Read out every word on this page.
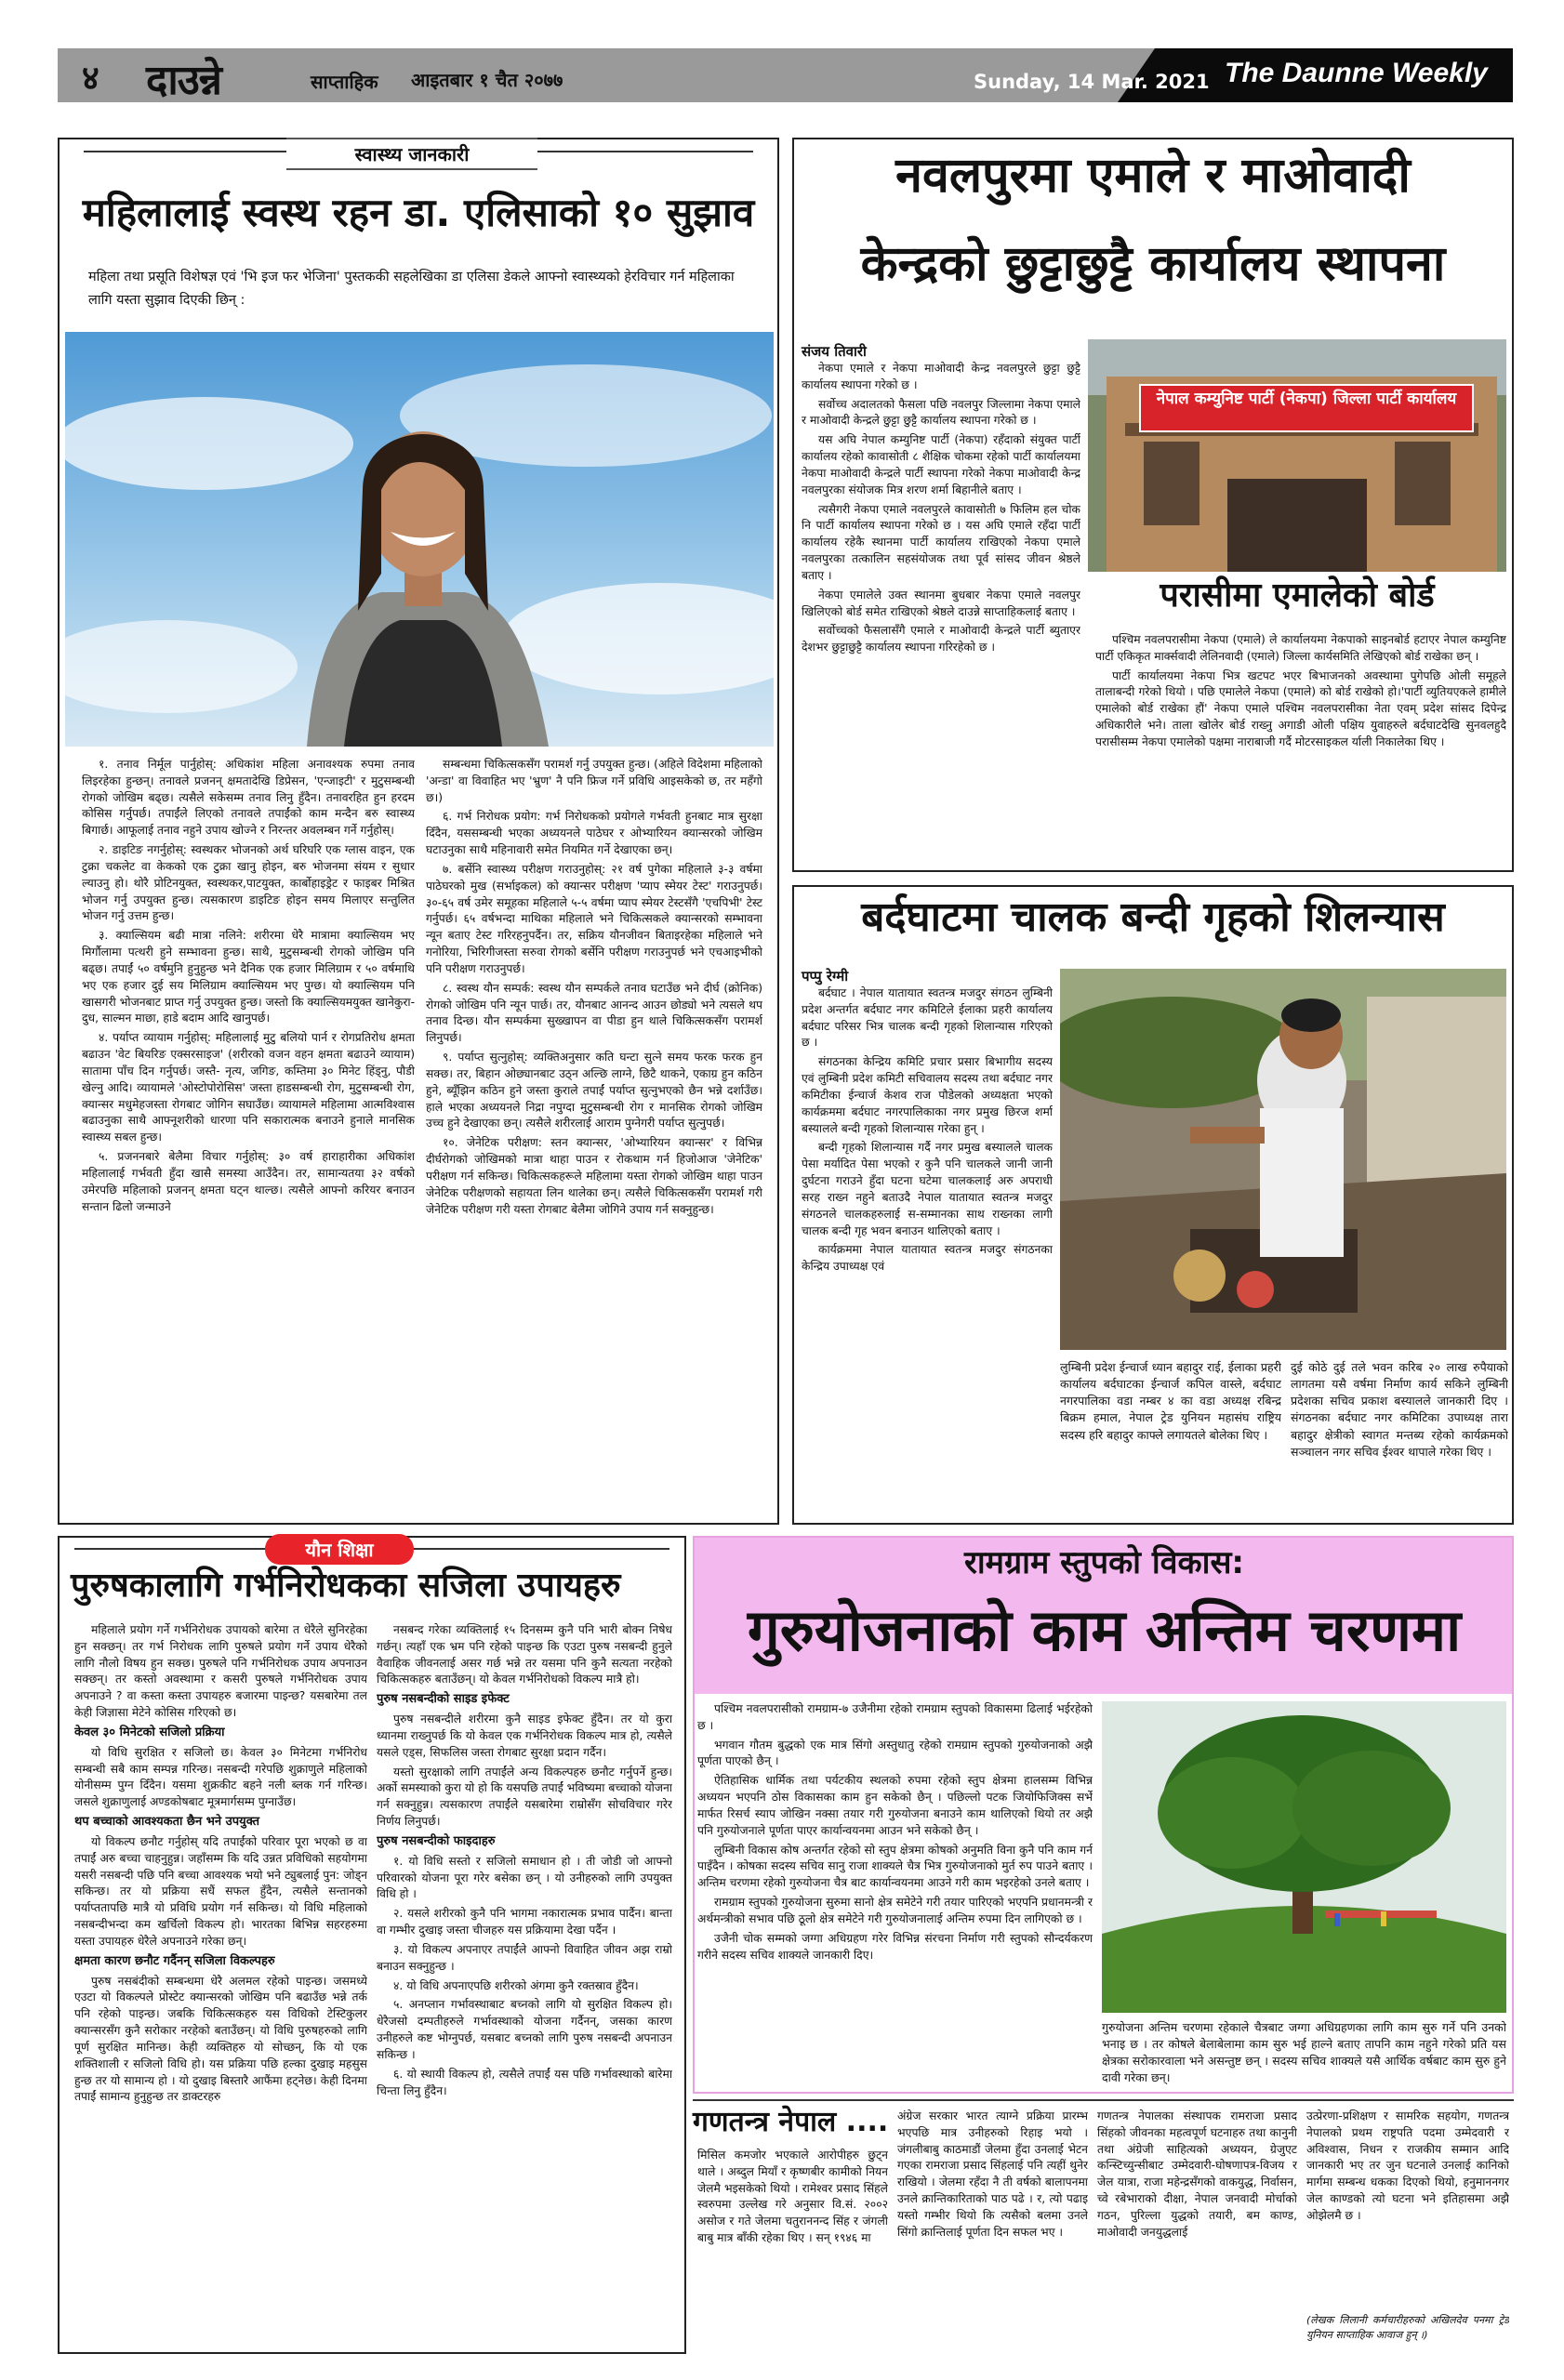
४ दाउन्ने	साप्ताहिक आइतबार १ चैत २०७७	Sunday, 14 Mar. 2021 The Daunne Weekly
स्वास्थ्य जानकारी
महिलालाई स्वस्थ रहन डा. एलिसाको १० सुझाव
महिला तथा प्रसूति विशेषज्ञ एवं 'भि इज फर भेजिना' पुस्तककी सहलेखिका डा एलिसा डेकले आफ्नो स्वास्थ्यको हेरविचार गर्न महिलाका लागि यस्ता सुझाव दिएकी छिन् :

१. तनाव निर्मूल पार्नुहोस्: अधिकांश महिला अनावश्यक रुपमा तनाव लिइरहेका हुन्छन्। तनावले प्रजनन् क्षमतादेखि डिप्रेसन, 'एन्जाइटी' र मुटुसम्बन्धी रोगको जोखिम बढ्छ। त्यसैले सकेसम्म तनाव लिनु हुँदैन। तनावरहित हुन हरदम कोसिस गर्नुपर्छ। तपाईंले लिएको तनावले तपाईंको काम मन्दैन बरु स्वास्थ्य बिगार्छ। आफूलाई तनाव नहुने उपाय खोज्ने र निरन्तर अवलम्बन गर्ने गर्नुहोस्।

२. डाइटिङ नगर्नुहोस्: स्वस्थकर भोजनको अर्थ घरिघरि एक ग्लास वाइन, एक टुक्रा चकलेट वा केकको एक टुक्रा खानु होइन, बरु भोजनमा संयम र सुधार ल्याउनु हो। थोरै प्रोटिनयुक्त, स्वस्थकर,पाटयुक्त, कार्बोहाइड्रेट र फाइबर मिश्रित भोजन गर्नु उपयुक्त हुन्छ। त्यसकारण डाइटिङ होइन समय मिलाएर सन्तुलित भोजन गर्नु उत्तम हुन्छ।

३. क्याल्सियम बढी मात्रा नलिने: शरीरमा धेरै मात्रामा क्याल्सियम भए मिर्गौलामा पत्थरी हुने सम्भावना हुन्छ। साथै, मुटुसम्बन्धी रोगको जोखिम पनि बढ्छ। तपाईं ५० वर्षमुनि हुनुहुन्छ भने दैनिक एक हजार मिलिग्राम र ५० वर्षमाथि भए एक हजार दुई सय मिलिग्राम क्याल्सियम भए पुग्छ। यो क्याल्सियम पनि खासगरी भोजनबाट प्राप्त गर्नु उपयुक्त हुन्छ। जस्तो कि क्याल्सियमयुक्त खानेकुरा- दुध, साल्मन माछा, हाडे बदाम आदि खानुपर्छ।

४. पर्याप्त व्यायाम गर्नुहोस्: महिलालाई मुटु बलियो पार्न र रोगप्रतिरोध क्षमता बढाउन 'वेट बियरिङ एक्सरसाइज' (शरीरको वजन वहन क्षमता बढाउने व्यायाम) सातामा पाँच दिन गर्नुपर्छ। जस्तै- नृत्य, जगिङ, कम्तिमा ३० मिनेट हिंड्नु, पौडी खेल्नु आदि। व्यायामले 'ओस्टोपोरोसिस' जस्ता हाडसम्बन्धी रोग, मुटुसम्बन्धी रोग, क्यान्सर मधुमेहजस्ता रोगबाट जोगिन सघाउँछ। व्यायामले महिलामा आत्मविश्वास बढाउनुका साथै आफ्नूशरीको धारणा पनि सकारात्मक बनाउने हुनाले मानसिक स्वास्थ्य सबल हुन्छ।

५. प्रजननबारे बेलैमा विचार गर्नुहोस्: ३० वर्ष हाराहारीका अधिकांश महिलालाई गर्भवती हुँदा खासै समस्या आउँदैन। तर, सामान्यतया ३२ वर्षको उमेरपछि महिलाको प्रजनन् क्षमता घट्न थाल्छ। त्यसैले आफ्नो करियर बनाउन सन्तान ढिलो जन्माउने

सम्बन्धमा चिकित्सकसँग परामर्श गर्नु उपयुक्त हुन्छ। (अहिले विदेशमा महिलाको 'अन्डा' वा विवाहित भए 'भ्रुण' नै पनि फ्रिज गर्ने प्रविधि आइसकेको छ, तर महँगो छ।)

६. गर्भ निरोधक प्रयोग: गर्भ निरोधकको प्रयोगले गर्भवती हुनबाट मात्र सुरक्षा दिँदैन, यससम्बन्धी भएका अध्ययनले पाठेघर र ओभ्यारियन क्यान्सरको जोखिम घटाउनुका साथै महिनावारी समेत नियमित गर्ने देखाएका छन्।

७. बर्सेनि स्वास्थ्य परीक्षण गराउनुहोस्: २१ वर्ष पुगेका महिलाले ३-३ वर्षमा पाठेघरको मुख (सर्भाइकल) को क्यान्सर परीक्षण 'प्याप स्मेयर टेस्ट' गराउनुपर्छ। ३०-६५ वर्ष उमेर समूहका महिलाले ५-५ वर्षमा प्याप स्मेयर टेस्टसँगै 'एचपिभी' टेस्ट गर्नुपर्छ। ६५ वर्षभन्दा माथिका महिलाले भने चिकित्सकले क्यान्सरको सम्भावना न्यून बताए टेस्ट गरिरहनुपर्दैन। तर, सक्रिय यौनजीवन बिताइरहेका महिलाले भने गनोरिया, भिरिगीजस्ता सरुवा रोगको बर्सेनि परीक्षण गराउनुपर्छ भने एचआइभीको पनि परीक्षण गराउनुपर्छ।

८. स्वस्थ यौन सम्पर्क: स्वस्थ यौन सम्पर्कले तनाव घटाउँछ भने दीर्घ (क्रोनिक) रोगको जोखिम पनि न्यून पार्छ। तर, यौनबाट आनन्द आउन छोड्यो भने त्यसले थप तनाव दिन्छ। यौन सम्पर्कमा सुख्खापन वा पीडा हुन थाले चिकित्सकसँग परामर्श लिनुपर्छ।

९. पर्याप्त सुत्नुहोस्: व्यक्तिअनुसार कति घन्टा सुत्ने समय फरक फरक हुन सक्छ। तर, बिहान ओछ्यानबाट उठ्न अल्छि लाग्ने, छिटै थाकने, एकाग्र हुन कठिन हुने, ब्यूँझिन कठिन हुने जस्ता कुराले तपाईं पर्याप्त सुत्नुभएको छैन भन्ने दर्शाउँछ। हाले भएका अध्ययनले निद्रा नपुग्दा मुटुसम्बन्धी रोग र मानसिक रोगको जोखिम उच्च हुने देखाएका छन्। त्यसैले शरीरलाई आराम पुग्नेगरी पर्याप्त सुत्नुपर्छ।

१०. जेनेटिक परीक्षण: स्तन क्यान्सर, 'ओभ्यारियन क्यान्सर' र विभिन्न दीर्घरोगको जोखिमको मात्रा थाहा पाउन र रोकथाम गर्न हिजोआज 'जेनेटिक' परीक्षण गर्न सकिन्छ। चिकित्सकहरूले महिलामा यस्ता रोगको जोखिम थाहा पाउन जेनेटिक परीक्षणको सहायता लिन थालेका छन्। त्यसैले चिकित्सकसँग परामर्श गरी जेनेटिक परीक्षण गरी यस्ता रोगबाट बेलैमा जोगिने उपाय गर्न सक्नुहुन्छ।

नवलपुरमा एमाले र माओवादी
केन्द्रको छुट्टाछुट्टै कार्यालय स्थापना
संजय तिवारी

नेकपा एमाले र नेकपा माओवादी केन्द्र नवलपुरले छुट्टा छुट्टै कार्यालय स्थापना गरेको छ ।

सर्वोच्च अदालतको फैसला पछि नवलपुर जिल्लामा नेकपा एमाले र माओवादी केन्द्रले छुट्टा छुट्टै कार्यालय स्थापना गरेको छ ।

यस अघि नेपाल कम्युनिष्ट पार्टी (नेकपा) रहँदाको संयुक्त पार्टी कार्यालय रहेको कावासोती ८ शैक्षिक चोकमा रहेको पार्टी कार्यालयमा नेकपा माओवादी केन्द्रले पार्टी स्थापना गरेको नेकपा माओवादी केन्द्र नवलपुरका संयोजक मित्र शरण शर्मा बिहानीले बताए ।

त्यसैगरी नेकपा एमाले नवलपुरले कावासोती ७ फिलिम हल चोक नि पार्टी कार्यालय स्थापना गरेको छ । यस अघि एमाले रहँदा पार्टी कार्यालय रहेकै स्थानमा पार्टी कार्यालय राखिएको नेकपा एमाले नवलपुरका तत्कालिन सहसंयोजक तथा पूर्व सांसद जीवन श्रेष्ठले बताए ।

नेकपा एमालेले उक्त स्थानमा बुधबार नेकपा एमाले नवलपुर खिलिएको बोर्ड समेत राखिएको श्रेष्ठले दाउन्ने साप्ताहिकलाई बताए ।

सर्वोच्चको फैसलासँगै एमाले र माओवादी केन्द्रले पार्टी ब्युताएर देशभर छुट्टाछुट्टै कार्यालय स्थापना गरिरहेको छ ।

नेपाल कम्युनिष्ट पार्टी (नेकपा) जिल्ला पार्टी कार्यालय
परासीमा एमालेको बोर्ड

पश्चिम नवलपरासीमा नेकपा (एमाले) ले कार्यालयमा नेकपाको साइनबोर्ड हटाएर नेपाल कम्युनिष्ट पार्टी एकिकृत मार्क्सवादी लेलिनवादी (एमाले) जिल्ला कार्यसमिति लेखिएको बोर्ड राखेका छन् ।

पार्टी कार्यालयमा नेकपा भित्र खटपट भएर बिभाजनको अवस्थामा पुगेपछि ओली समूहले तालाबन्दी गरेको थियो । पछि एमालेले नेकपा (एमाले) को बोर्ड राखेको हो।'पार्टी व्युतियएकले हामीले एमालेको बोर्ड राखेका हौं' नेकपा एमाले पश्चिम नवलपरासीका नेता एवम् प्रदेश सांसद दिपेन्द्र अधिकारीले भने। ताला खोलेर बोर्ड राख्नु अगाडी ओली पक्षिय युवाहरुले बर्दघाटदेखि सुनवलहुदै परासीसम्म नेकपा एमालेको पक्षमा नाराबाजी गर्दै मोटरसाइकल र्याली निकालेका थिए ।

बर्दघाटमा चालक बन्दी गृहको शिलन्यास
पप्पु रेग्मी

बर्दघाट । नेपाल यातायात स्वतन्त्र मजदुर संगठन लुम्बिनी प्रदेश अन्तर्गत बर्दघाट नगर कमिटिले ईलाका प्रहरी कार्यालय बर्दघाट परिसर भित्र चालक बन्दी गृहको शिलान्यास गरिएको छ ।

संगठनका केन्द्रिय कमिटि प्रचार प्रसार बिभागीय सदस्य एवं लुम्बिनी प्रदेश कमिटी सचिवालय सदस्य तथा बर्दघाट नगर कमिटीका ईन्चार्ज केशव राज पौडेलको अध्यक्षता भएको कार्यक्रममा बर्दघाट नगरपालिकाका नगर प्रमुख छिरज शर्मा बस्यालले बन्दी गृहको शिलान्यास गरेका हुन् ।

बन्दी गृहको शिलान्यास गर्दै नगर प्रमुख बस्यालले चालक पेसा मर्यादित पेसा भएको र कुनै पनि चालकले जानी जानी दुर्घटना गराउने हुँदा घटना घटेमा चालकलाई अरु अपराधी सरह राख्न नहुने बताउदै नेपाल यातायात स्वतन्त्र मजदुर संगठनले चालकहरुलाई स-सम्मानका साथ राख्नका लागी चालक बन्दी गृह भवन बनाउन थालिएको बताए ।

कार्यक्रममा नेपाल यातायात स्वतन्त्र मजदुर संगठनका केन्द्रिय उपाध्यक्ष एवं

लुम्बिनी प्रदेश ईन्चार्ज ध्यान बहादुर राई, ईलाका प्रहरी कार्यालय बर्दघाटका ईन्चार्ज कपिल वास्ले, बर्दघाट नगरपालिका वडा नम्बर ४ का वडा अध्यक्ष रबिन्द्र बिक्रम हमाल, नेपाल ट्रेड युनियन महासंघ राष्ट्रिय सदस्य हरि बहादुर काफ्ले लगायतले बोलेका थिए ।
दुई कोठे दुई तले भवन करिब २० लाख रुपैयाको लागतमा यसै वर्षमा निर्माण कार्य सकिने लुम्बिनी प्रदेशका सचिव प्रकाश बस्यालले जानकारी दिए । संगठनका बर्दघाट नगर कमिटिका उपाध्यक्ष तारा बहादुर क्षेत्रीको स्वागत मन्तब्य रहेको कार्यक्रमको सञ्चालन नगर सचिव ईश्वर थापाले गरेका थिए ।
यौन शिक्षा
पुरुषकालागि गर्भनिरोधकका सजिला उपायहरु

महिलाले प्रयोग गर्ने गर्भनिरोधक उपायको बारेमा त धेरैले सुनिरहेका हुन सक्छन्। तर गर्भ निरोधक लागि पुरुषले प्रयोग गर्ने उपाय धेरैको लागि नौलो विषय हुन सक्छ। पुरुषले पनि गर्भनिरोधक उपाय अपनाउन सक्छन्। तर कस्तो अवस्थामा र कसरी पुरुषले गर्भनिरोधक उपाय अपनाउने ? वा कस्ता कस्ता उपायहरु बजारमा पाइन्छ? यसबारेमा तल केही जिज्ञासा मेटेने कोसिस गरिएको छ।

केवल ३० मिनेटको सजिलो प्रक्रिया

यो विधि सुरक्षित र सजिलो छ। केवल ३० मिनेटमा गर्भनिरोध सम्बन्धी सबै काम सम्पन्न गरिन्छ। नसबन्दी गरेपछि शुक्राणुले महिलाको योनीसम्म पुग्न दिँदैन। यसमा शुक्रकीट बहने नली ब्लक गर्न गरिन्छ। जसले शुक्राणुलाई अण्डकोषबाट मूत्रमार्गसम्म पुग्नाउँछ।

थप बच्चाको आवश्यकता छैन भने उपयुक्त

यो विकल्प छनौट गर्नुहोस् यदि तपाईंको परिवार पूरा भएको छ वा तपाईं अरु बच्चा चाहनुहुन्न। जहाँसम्म कि यदि उन्नत प्रविधिको सहयोगमा यसरी नसबन्दी पछि पनि बच्चा आवश्यक भयो भने ट्युबलाई पुन: जोड्न सकिन्छ। तर यो प्रक्रिया सधैं सफल हुँदैन, त्यसैले सन्तानको पर्याप्ततापछि मात्रै यो प्रविधि प्रयोग गर्न सकिन्छ। यो विधि महिलाको नसबन्दीभन्दा कम खर्चिलो विकल्प हो। भारतका बिभिन्न सहरहरुमा यस्ता उपायहरु धेरैले अपनाउने गरेका छन्।

क्षमता कारण छनौट गर्दैनन् सजिला विकल्पहरु

पुरुष नसबंदीको सम्बन्धमा धेरै अलमल रहेको पाइन्छ। जसमध्ये एउटा यो विकल्पले प्रोस्टेट क्यान्सरको जोखिम पनि बढाउँछ भन्ने तर्क पनि रहेको पाइन्छ। जबकि चिकित्सकहरु यस विधिको टेस्टिकुलर क्यान्सरसँग कुनै सरोकार नरहेको बताउँछन्। यो विधि पुरुषहरुको लागि पूर्ण सुरक्षित मानिन्छ। केही व्यक्तिहरु यो सोच्छन्, कि यो एक शक्तिशाली र सजिलो विधि हो। यस प्रक्रिया पछि हल्का दुखाइ महसुस हुन्छ तर यो सामान्य हो । यो दुखाइ बिस्तारै आफैंमा हट्नेछ। केही दिनमा तपाईं सामान्य हुनुहुन्छ तर डाक्टरहरु

नसबन्द गरेका व्यक्तिलाई १५ दिनसम्म कुनै पनि भारी बोक्न निषेध गर्छन्। त्यहाँ एक भ्रम पनि रहेको पाइन्छ कि एउटा पुरुष नसबन्दी हुनुले वैवाहिक जीवनलाई असर गर्छ भन्ने तर यसमा पनि कुनै सत्यता नरहेको चिकित्सकहरु बताउँछन्। यो केवल गर्भनिरोधको विकल्प मात्रै हो।

पुरुष नसबन्दीको साइड इफेक्ट

पुरुष नसबन्दीले शरीरमा कुनै साइड इफेक्ट हुँदैन। तर यो कुरा ध्यानमा राख्नुपर्छ कि यो केवल एक गर्भनिरोधक विकल्प मात्र हो, त्यसैले यसले एड्स, सिफलिस जस्ता रोगबाट सुरक्षा प्रदान गर्दैन।

यस्तो सुरक्षाको लागि तपाईंले अन्य विकल्पहरु छनौट गर्नुपर्ने हुन्छ। अर्को समस्याको कुरा यो हो कि यसपछि तपाईं भविष्यमा बच्चाको योजना गर्न सक्नुहुन्न। त्यसकारण तपाईंले यसबारेमा राम्रोसँग सोचविचार गरेर निर्णय लिनुपर्छ।

पुरुष नसबन्दीको फाइदाहरु

१. यो विधि सस्तो र सजिलो समाधान हो । ती जोडी जो आफ्नो परिवारको योजना पूरा गरेर बसेका छन् । यो उनीहरुको लागि उपयुक्त विधि हो ।

२. यसले शरीरको कुनै पनि भागमा नकारात्मक प्रभाव पार्दैन। बान्ता वा गम्भीर दुखाइ जस्ता चीजहरु यस प्रक्रियामा देखा पर्दैन ।

३. यो विकल्प अपनाएर तपाईंले आफ्नो विवाहित जीवन अझ राम्रो बनाउन सक्नुहुन्छ ।

४. यो विधि अपनाएपछि शरीरको अंगमा कुनै रक्तस्राव हुँदैन।

५. अनप्लान गर्भावस्थाबाट बच्नको लागि यो सुरक्षित विकल्प हो। धेरैजसो दम्पतीहरुले गर्भावस्थाको योजना गर्दैनन्, जसका कारण उनीहरुले कष्ट भोग्नुपर्छ, यसबाट बच्नको लागि पुरुष नसबन्दी अपनाउन सकिन्छ ।

६. यो स्थायी विकल्प हो, त्यसैले तपाईं यस पछि गर्भावस्थाको बारेमा चिन्ता लिनु हुँदैन।

रामग्राम स्तुपको विकास:
गुरुयोजनाको काम अन्तिम चरणमा

पश्चिम नवलपरासीको रामग्राम-७ उजैनीमा रहेको रामग्राम स्तुपको विकासमा ढिलाई भईरहेको छ ।

भगवान गौतम बुद्धको एक मात्र सिंगो अस्तुधातु रहेको रामग्राम स्तुपको गुरुयोजनाको अझै पूर्णता पाएको छैन् ।

ऐतिहासिक धार्मिक तथा पर्यटकीय स्थलको रुपमा रहेको स्तुप क्षेत्रमा हालसम्म विभिन्न अध्ययन भएपनि ठोस विकासका काम हुन सकेको छैन् । पछिल्लो पटक जियोफिजिक्स सर्भे मार्फत रिसर्च स्याप जोखिन नक्सा तयार गरी गुरुयोजना बनाउने काम थालिएको थियो तर अझै पनि गुरुयोजनाले पूर्णता पाएर कार्यान्वयनमा आउन भने सकेको छैन् ।

लुम्बिनी विकास कोष अन्तर्गत रहेको सो स्तुप क्षेत्रमा कोषको अनुमति विना कुनै पनि काम गर्न पाइँदैन । कोषका सदस्य सचिव सानु राजा शाक्यले चैत्र भित्र गुरुयोजनाको मुर्त रुप पाउने बताए । अन्तिम चरणमा रहेको गुरुयोजना चैत्र बाट कार्यान्वयनमा आउने गरी काम भइरहेको उनले बताए ।

रामग्राम स्तुपको गुरुयोजना सुरुमा सानो क्षेत्र समेटेने गरी तयार पारिएको भएपनि प्रधानमन्त्री र अर्थमन्त्रीको सभाव पछि ठूलो क्षेत्र समेटेने गरी गुरुयोजनालाई अन्तिम रुपमा दिन लागिएको छ ।

उजैनी चोक सम्मको जग्गा अधिग्रहण गरेर विभिन्न संरचना निर्माण गरी स्तुपको सौन्दर्यकरण गरीने सदस्य सचिव शाक्यले जानकारी दिए।

गुरुयोजना अन्तिम चरणमा रहेकाले चैत्रबाट जग्गा अधिग्रहणका लागि काम सुरु गर्ने पनि उनको भनाइ छ । तर कोषले बेलाबेलामा काम सुरु भई हाल्ने बताए तापनि काम नहुने गरेको प्रति यस क्षेत्रका सरोकारवाला भने असन्तुष्ट छन् । सदस्य सचिव शाक्यले यसै आर्थिक वर्षबाट काम सुरु हुने दावी गरेका छन्।
गणतन्त्र नेपाल ....
मिसिल कमजोर भएकाले आरोपीहरु छुट्न थाले । अब्दुल मियाँ र कृष्णबीर कामीको नियन जेलमै भइसकेको थियो । रामेश्वर प्रसाद सिंहले स्वरुपमा उल्लेख गरे अनुसार वि.सं. २००२ असोज र गते जेलमा चतुराननन्द सिंह र जंगली बाबु मात्र बाँकी रहेका थिए । सन् १९४६ मा
अंग्रेज सरकार भारत त्याग्ने प्रक्रिया प्रारम्भ भएपछि मात्र उनीहरुको रिहाइ भयो । जंगलीबाबु काठमाडौं जेलमा हुँदा उनलाई भेटन गएका रामराजा प्रसाद सिंहलाई पनि त्यहीं थुनेर राखियो । जेलमा रहँदा नै ती वर्षको बालापनमा उनले क्रान्तिकारिताको पाठ पढे । र, त्यो पढाइ यस्तो गम्भीर थियो कि त्यसैको बलमा उनले सिंगो क्रान्तिलाई पूर्णता दिन सफल भए ।
गणतन्त्र नेपालका संस्थापक रामराजा प्रसाद सिंहको जीवनका महत्वपूर्ण घटनाहरु तथा कानुनी तथा अंग्रेजी साहित्यको अध्ययन, ग्रेजुएट कन्स्टिच्युन्सीबाट उम्मेदवारी-घोषणापत्र-विजय र जेल यात्रा, राजा महेन्द्रसँगको वाकयुद्ध, निर्वासन, च्वे रबेभाराको दीक्षा, नेपाल जनवादी मोर्चाको गठन, पुरिल्ला युद्धको तयारी, बम काण्ड, माओवादी जनयुद्धलाई
उत्प्रेरणा-प्रशिक्षण र सामरिक सहयोग, गणतन्त्र नेपालको प्रथम राष्ट्रपति पदमा उम्मेदवारी र अविश्वास, निधन र राजकीय सम्मान आदि जानकारी भए तर जुन घटनाले उनलाई कानिको मार्गमा सम्बन्ध धकका दिएको थियो, हनुमाननगर जेल काण्डको त्यो घटना भने इतिहासमा अझै ओझेलमै छ ।
(लेखक लिलानी कर्मचारीहरुको अखिलदेव पनमा ट्रेड युनियन साप्ताहिक आवाज हुन् ।)
